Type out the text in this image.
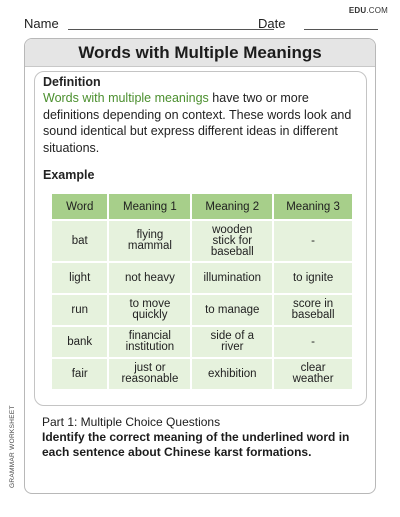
EDU.COM
Name	Date
Words with Multiple Meanings
Definition
Words with multiple meanings have two or more definitions depending on context. These words look and sound identical but express different ideas in different situations.
Example
Word	Meaning 1	Meaning 2	Meaning 3
bat	flying mammal	wooden stick for baseball	-
light	not heavy	illumination	to ignite
run	to move quickly	to manage	score in baseball
bank	financial institution	side of a river	-
fair	just or reasonable	exhibition	clear weather
Part 1: Multiple Choice Questions
Identify the correct meaning of the underlined word in each sentence about Chinese karst formations.
GRAMMAR WORKSHEET
